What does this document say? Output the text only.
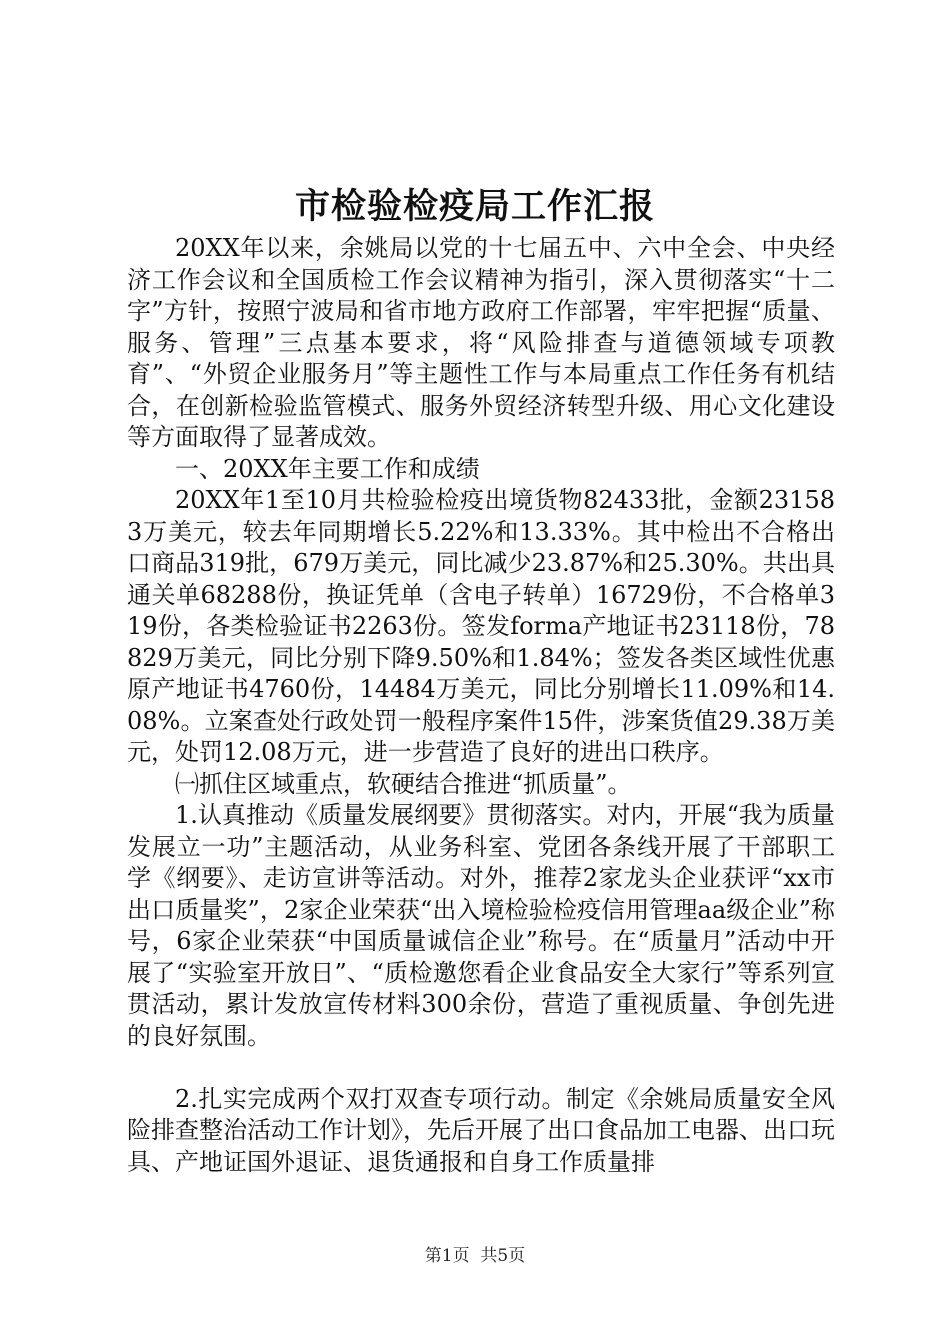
市检验检疫局工作汇报

20XX年以来，余姚局以党的十七届五中、六中全会、中央经济工作会议和全国质检工作会议精神为指引，深入贯彻落实“十二字”方针，按照宁波局和省市地方政府工作部署，牢牢把握“质量、服务、管理”三点基本要求，将“风险排查与道德领域专项教育”、“外贸企业服务月”等主题性工作与本局重点工作任务有机结合，在创新检验监管模式、服务外贸经济转型升级、用心文化建设等方面取得了显著成效。

一、20XX年主要工作和成绩

20XX年1至10月共检验检疫出境货物82433批，金额231583万美元，较去年同期增长5.22%和13.33%。其中检出不合格出口商品319批，679万美元，同比减少23.87%和25.30%。共出具通关单68288份，换证凭单（含电子转单）16729份，不合格单319份，各类检验证书2263份。签发forma产地证书23118份，78829万美元，同比分别下降9.50%和1.84%；签发各类区域性优惠原产地证书4760份，14484万美元，同比分别增长11.09%和14.08%。立案查处行政处罚一般程序案件15件，涉案货值29.38万美元，处罚12.08万元，进一步营造了良好的进出口秩序。

㈠抓住区域重点，软硬结合推进“抓质量”。

1.认真推动《质量发展纲要》贯彻落实。对内，开展“我为质量发展立一功”主题活动，从业务科室、党团各条线开展了干部职工学《纲要》、走访宣讲等活动。对外，推荐2家龙头企业获评“xx市出口质量奖”，2家企业荣获“出入境检验检疫信用管理aa级企业”称号，6家企业荣获“中国质量诚信企业”称号。在“质量月”活动中开展了“实验室开放日”、“质检邀您看企业食品安全大家行”等系列宣贯活动，累计发放宣传材料300余份，营造了重视质量、争创先进的良好氛围。

2.扎实完成两个双打双查专项行动。制定《余姚局质量安全风险排查整治活动工作计划》，先后开展了出口食品加工电器、出口玩具、产地证国外退证、退货通报和自身工作质量排

第1页  共5页
